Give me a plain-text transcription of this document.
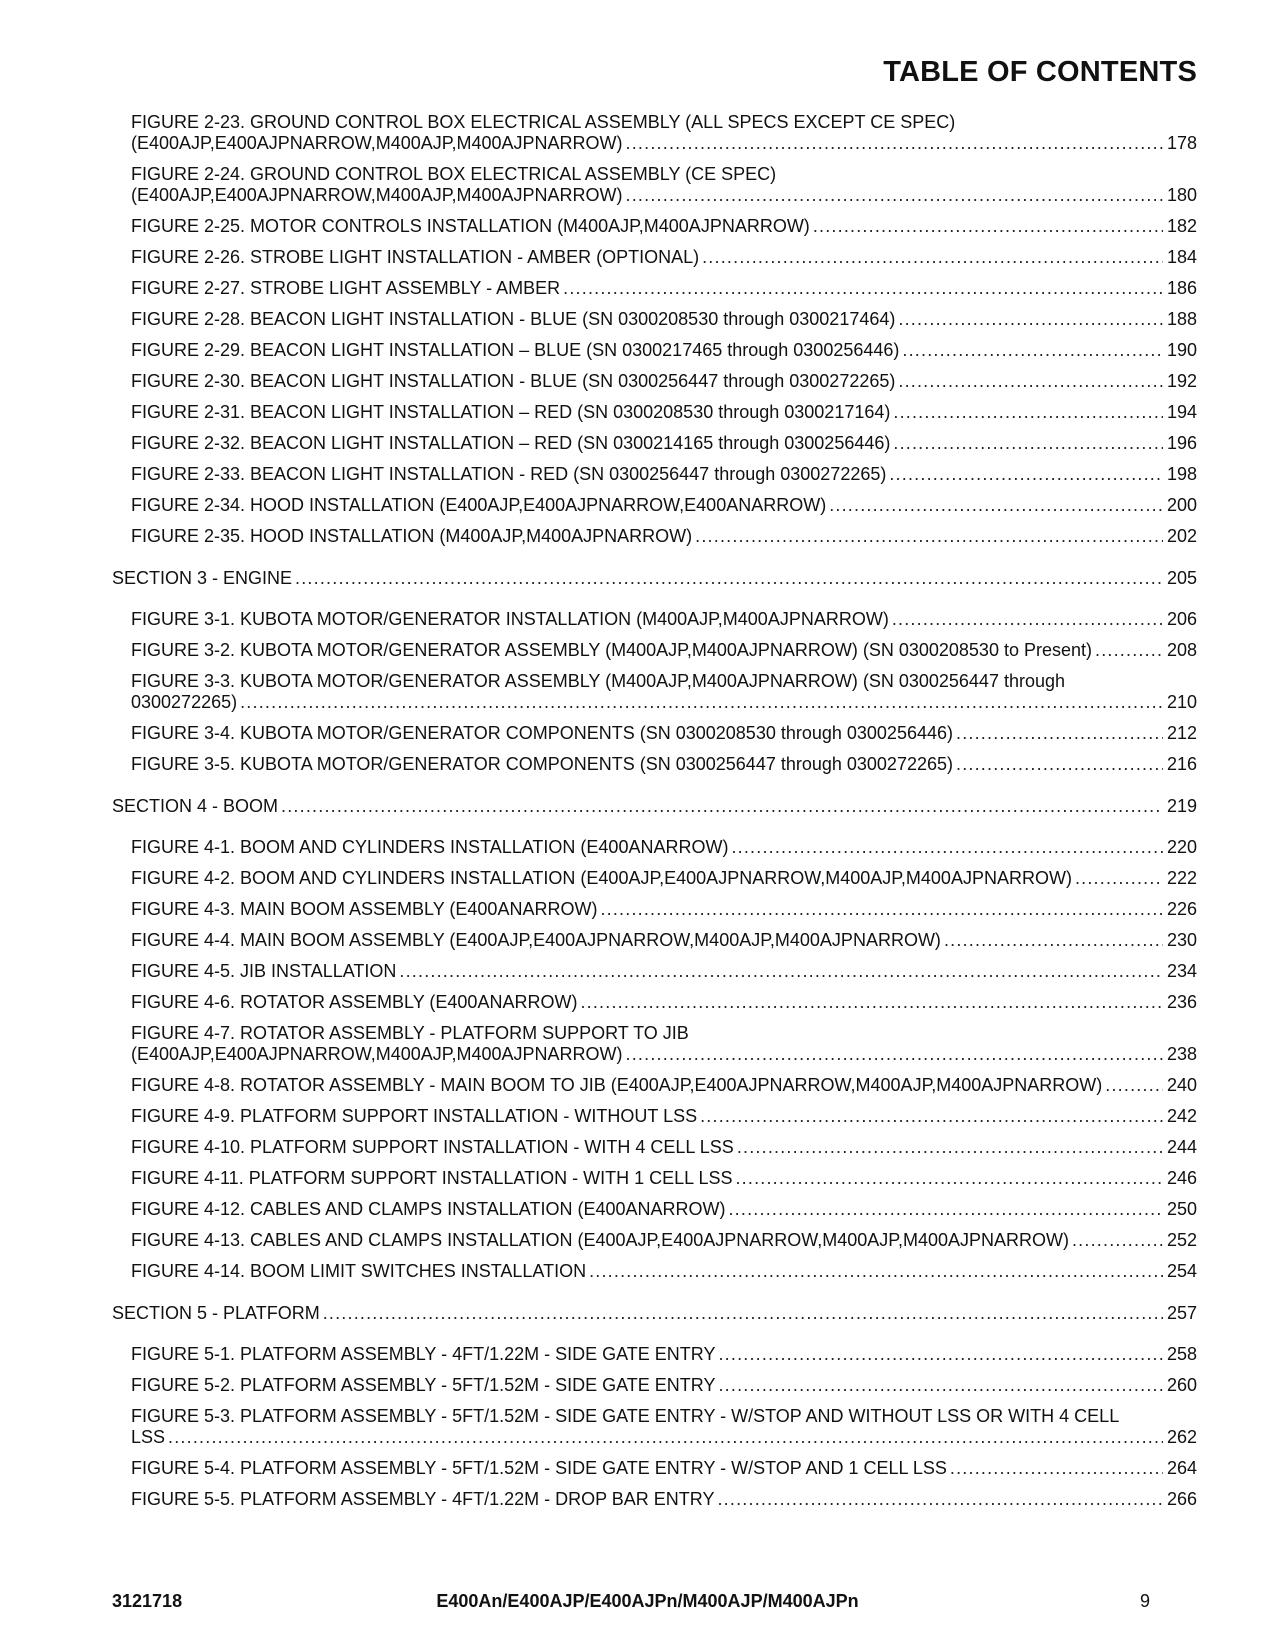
TABLE OF CONTENTS
FIGURE 2-23. GROUND CONTROL BOX ELECTRICAL ASSEMBLY (ALL SPECS EXCEPT CE SPEC)
(E400AJP,E400AJPNARROW,M400AJP,M400AJPNARROW) .....	178
FIGURE 2-24. GROUND CONTROL BOX ELECTRICAL ASSEMBLY (CE SPEC)
(E400AJP,E400AJPNARROW,M400AJP,M400AJPNARROW) .....	180
FIGURE 2-25. MOTOR CONTROLS INSTALLATION (M400AJP,M400AJPNARROW) .....	182
FIGURE 2-26. STROBE LIGHT INSTALLATION - AMBER (OPTIONAL) .....	184
FIGURE 2-27. STROBE LIGHT ASSEMBLY - AMBER .....	186
FIGURE 2-28. BEACON LIGHT INSTALLATION - BLUE (SN 0300208530 through 0300217464) .....	188
FIGURE 2-29. BEACON LIGHT INSTALLATION – BLUE (SN 0300217465 through 0300256446) .....	190
FIGURE 2-30. BEACON LIGHT INSTALLATION - BLUE (SN 0300256447 through 0300272265) .....	192
FIGURE 2-31. BEACON LIGHT INSTALLATION – RED (SN 0300208530 through 0300217164) .....	194
FIGURE 2-32. BEACON LIGHT INSTALLATION – RED (SN 0300214165 through 0300256446) .....	196
FIGURE 2-33. BEACON LIGHT INSTALLATION - RED (SN 0300256447 through 0300272265) .....	198
FIGURE 2-34. HOOD INSTALLATION (E400AJP,E400AJPNARROW,E400ANARROW) .....	200
FIGURE 2-35. HOOD INSTALLATION (M400AJP,M400AJPNARROW) .....	202
SECTION 3 - ENGINE .....	205
FIGURE 3-1. KUBOTA MOTOR/GENERATOR INSTALLATION (M400AJP,M400AJPNARROW) .....	206
FIGURE 3-2. KUBOTA MOTOR/GENERATOR ASSEMBLY (M400AJP,M400AJPNARROW) (SN 0300208530 to Present) .....	208
FIGURE 3-3. KUBOTA MOTOR/GENERATOR ASSEMBLY (M400AJP,M400AJPNARROW) (SN 0300256447 through
0300272265) .....	210
FIGURE 3-4. KUBOTA MOTOR/GENERATOR COMPONENTS (SN 0300208530 through 0300256446) .....	212
FIGURE 3-5. KUBOTA MOTOR/GENERATOR COMPONENTS (SN 0300256447 through 0300272265) .....	216
SECTION 4 - BOOM .....	219
FIGURE 4-1. BOOM AND CYLINDERS INSTALLATION (E400ANARROW) .....	220
FIGURE 4-2. BOOM AND CYLINDERS INSTALLATION (E400AJP,E400AJPNARROW,M400AJP,M400AJPNARROW) .....	222
FIGURE 4-3. MAIN BOOM ASSEMBLY (E400ANARROW) .....	226
FIGURE 4-4. MAIN BOOM ASSEMBLY (E400AJP,E400AJPNARROW,M400AJP,M400AJPNARROW) .....	230
FIGURE 4-5. JIB INSTALLATION .....	234
FIGURE 4-6. ROTATOR ASSEMBLY (E400ANARROW) .....	236
FIGURE 4-7. ROTATOR ASSEMBLY - PLATFORM SUPPORT TO JIB
(E400AJP,E400AJPNARROW,M400AJP,M400AJPNARROW) .....	238
FIGURE 4-8. ROTATOR ASSEMBLY - MAIN BOOM TO JIB (E400AJP,E400AJPNARROW,M400AJP,M400AJPNARROW) .....	240
FIGURE 4-9. PLATFORM SUPPORT INSTALLATION - WITHOUT LSS .....	242
FIGURE 4-10. PLATFORM SUPPORT INSTALLATION - WITH 4 CELL LSS .....	244
FIGURE 4-11. PLATFORM SUPPORT INSTALLATION - WITH 1 CELL LSS .....	246
FIGURE 4-12. CABLES AND CLAMPS INSTALLATION (E400ANARROW) .....	250
FIGURE 4-13. CABLES AND CLAMPS INSTALLATION (E400AJP,E400AJPNARROW,M400AJP,M400AJPNARROW) .....	252
FIGURE 4-14. BOOM LIMIT SWITCHES INSTALLATION .....	254
SECTION 5 - PLATFORM .....	257
FIGURE 5-1. PLATFORM ASSEMBLY - 4FT/1.22M - SIDE GATE ENTRY .....	258
FIGURE 5-2. PLATFORM ASSEMBLY - 5FT/1.52M - SIDE GATE ENTRY .....	260
FIGURE 5-3. PLATFORM ASSEMBLY - 5FT/1.52M - SIDE GATE ENTRY - W/STOP AND WITHOUT LSS OR WITH 4 CELL
LSS .....	262
FIGURE 5-4. PLATFORM ASSEMBLY - 5FT/1.52M - SIDE GATE ENTRY - W/STOP AND 1 CELL LSS .....	264
FIGURE 5-5. PLATFORM ASSEMBLY - 4FT/1.22M - DROP BAR ENTRY .....	266
3121718	E400An/E400AJP/E400AJPn/M400AJP/M400AJPn	9
